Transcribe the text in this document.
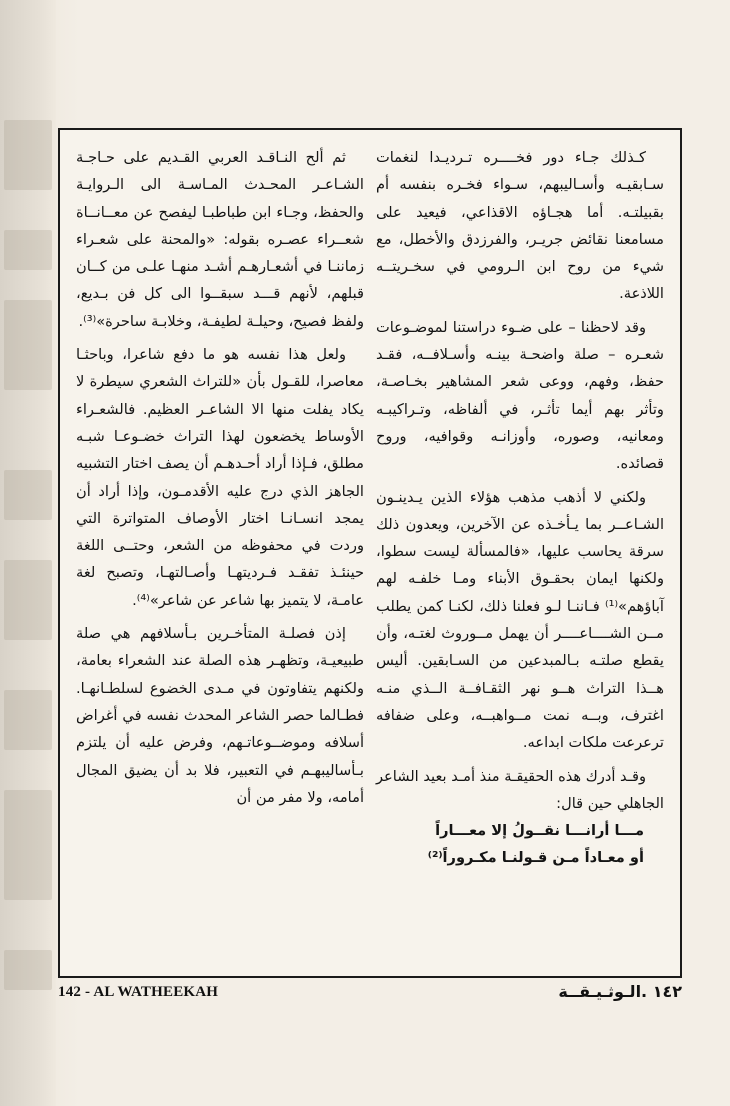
كـذلك جـاء دور فخــــره تـرديـدا لنغمات سـابقيـه وأسـاليبهم، سـواء فخـره بنفسه أم بقبيلتـه. أما هجـاؤه الاقذاعي، فيعيد على مسامعنا نقائض جريـر، والفرزدق والأخطل، مع شيء من روح ابن الـرومي في سخـريتــه اللاذعة.

وقد لاحظنا – على ضـوء دراستنا لموضـوعات شعـره – صلة واضحـة بينـه وأسـلافــه، فقـد حفظ، وفهم، ووعى شعر المشاهير بخـاصـة، وتأثر بهم أيما تأثـر، في ألفاظه، وتـراكيبـه ومعانيه، وصوره، وأوزانـه وقوافيه، وروح قصائده.

ولكني لا أذهب مذهب هؤلاء الذين يـدينـون الشـاعــر بما يـأخـذه عن الآخرين، ويعدون ذلك سرقة يحاسب عليها، «فالمسألة ليست سطوا، ولكنها ايمان بحقـوق الأبناء ومـا خلفـه لهم آباؤهم»⁽¹⁾ فـاننـا لـو فعلنا ذلك، لكنـا كمن يطلب مــن الشــــاعــــر أن يهمل مــوروث لغتـه، وأن يقطع صلتـه بـالمبدعين من السـابقين. أليس هــذا التراث هــو نهر الثقـافــة الــذي منـه اغترف، وبــه نمت مــواهبــه، وعلى ضفافه ترعرعت ملكات ابداعه.

وقـد أدرك هذه الحقيقـة منذ أمـد بعيد الشاعر الجاهلي حين قال:

مـــا أرانـــا نقــولُ إلا معـــاراً

أو معـاداً مـن قـولنـا مكـروراً⁽²⁾

ثم ألح النـاقـد العربي القـديم على حـاجـة الشـاعـر المحـدث المـاسـة الى الـروايـة والحفظ، وجـاء ابن طباطبـا ليفصح عن معــانــاة شعــراء عصـره بقوله: «والمحنة على شعـراء زماننـا في أشعـارهـم أشـد منهـا علـى من كــان قبلهم، لأنهم قـــد سبقــوا الى كل فن بـديع، ولفظ فصيح، وحيلـة لطيفـة، وخلابـة ساحرة»⁽³⁾.

ولعل هذا نفسه هو ما دفع شاعرا، وباحثـا معاصرا، للقـول بأن «للتراث الشعري سيطرة لا يكاد يفلت منها الا الشاعـر العظيم. فالشعـراء الأوساط يخضعون لهذا التراث خضـوعـا شبـه مطلق، فـإذا أراد أحـدهـم أن يصف اختار التشبيه الجاهز الذي درج عليه الأقدمـون، وإذا أراد أن يمجد انسـانـا اختار الأوصاف المتواترة التي وردت في محفوظه من الشعر، وحتــى اللغة حينئـذ تفقـد فـرديتهـا وأصـالتهـا، وتصبح لغة عامـة، لا يتميز بها شاعر عن شاعر»⁽⁴⁾.

إذن فصلـة المتأخـرين بـأسلافهم هي صلة طبيعيـة، وتظهـر هذه الصلة عند الشعراء بعامة، ولكنهم يتفاوتون في مـدى الخضوع لسلطـانهـا. فطـالما حصر الشاعر المحدث نفسه في أغراض أسلافه وموضــوعاتـهم، وفرض عليه أن يلتزم بـأساليبهـم في التعبير، فلا بد أن يضيق المجال أمامه، ولا مفر من أن

142 - AL WATHEEKAH	١٤٢ .الـوثـيـقــة
